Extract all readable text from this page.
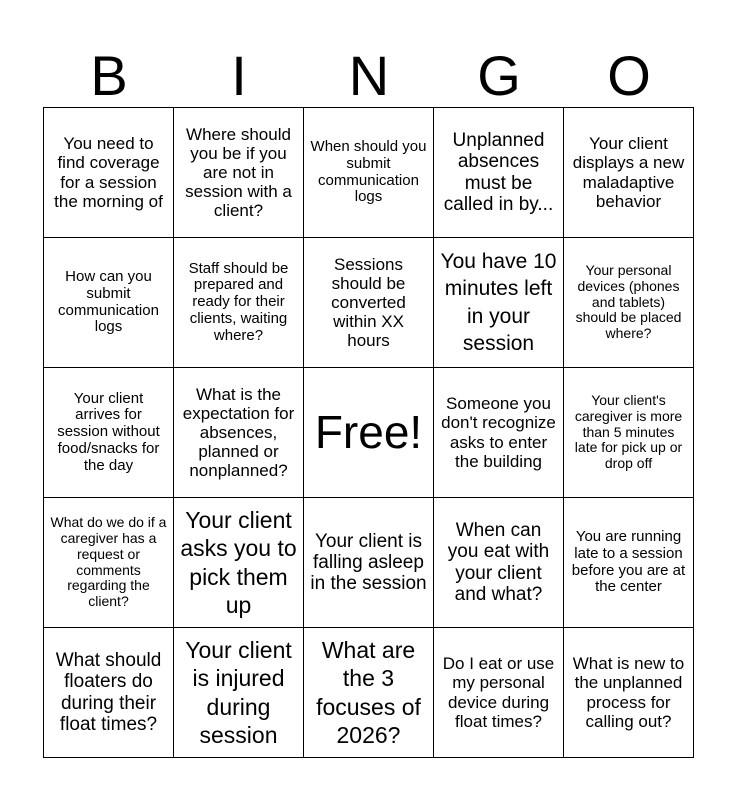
B	I	N	G	O
You need to find coverage for a session the morning of
Where should you be if you are not in session with a client?
When should you submit communication logs
Unplanned absences must be called in by...
Your client displays a new maladaptive behavior
How can you submit communication logs
Staff should be prepared and ready for their clients, waiting where?
Sessions should be converted within XX hours
You have 10 minutes left in your session
Your personal devices (phones and tablets) should be placed where?
Your client arrives for session without food/snacks for the day
What is the expectation for absences, planned or nonplanned?
Free!
Someone you don't recognize asks to enter the building
Your client's caregiver is more than 5 minutes late for pick up or drop off
What do we do if a caregiver has a request or comments regarding the client?
Your client asks you to pick them up
Your client is falling asleep in the session
When can you eat with your client and what?
You are running late to a session before you are at the center
What should floaters do during their float times?
Your client is injured during session
What are the 3 focuses of 2026?
Do I eat or use my personal device during float times?
What is new to the unplanned process for calling out?
